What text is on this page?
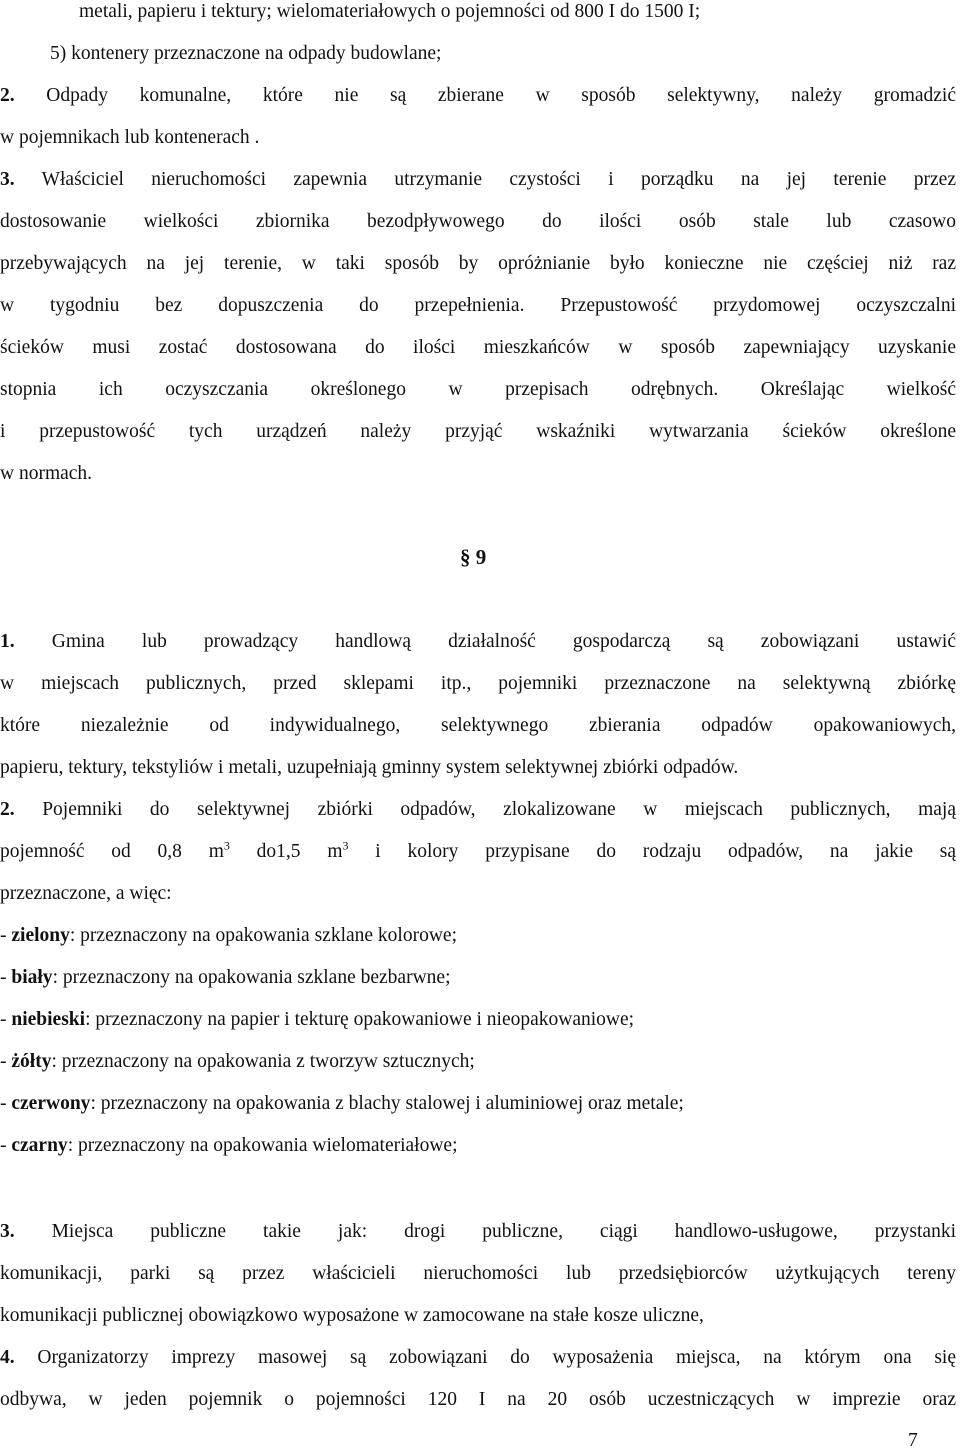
metali, papieru i tektury; wielomateriałowych o pojemności od 800 I do 1500 I;
5) kontenery przeznaczone na odpady budowlane;
2. Odpady komunalne, które nie są zbierane w sposób selektywny, należy gromadzić
w pojemnikach lub kontenerach .
3. Właściciel nieruchomości zapewnia utrzymanie czystości i porządku na jej terenie przez
dostosowanie wielkości zbiornika bezodpływowego do ilości osób stale lub czasowo
przebywających na jej terenie, w taki sposób by opróżnianie było konieczne nie częściej niż raz
w tygodniu bez dopuszczenia do przepełnienia. Przepustowość przydomowej oczyszczalni
ścieków musi zostać dostosowana do ilości mieszkańców w sposób zapewniający uzyskanie
stopnia ich oczyszczania określonego w przepisach odrębnych. Określając wielkość
i przepustowość tych urządzeń należy przyjąć wskaźniki wytwarzania ścieków określone
w normach.
§ 9
1. Gmina lub prowadzący handlową działalność gospodarczą są zobowiązani ustawić
w miejscach publicznych, przed sklepami itp., pojemniki przeznaczone na selektywną zbiórkę
które niezależnie od indywidualnego, selektywnego zbierania odpadów opakowaniowych,
papieru, tektury, tekstyliów i metali, uzupełniają gminny system selektywnej zbiórki odpadów.
2. Pojemniki do selektywnej zbiórki odpadów, zlokalizowane w miejscach publicznych, mają
pojemność od 0,8 $m^3$ do1,5 $m^3$ i kolory przypisane do rodzaju odpadów, na jakie są
przeznaczone, a więc:
- zielony: przeznaczony na opakowania szklane kolorowe;
- biały: przeznaczony na opakowania szklane bezbarwne;
- niebieski: przeznaczony na papier i tekturę opakowaniowe i nieopakowaniowe;
- żółty: przeznaczony na opakowania z tworzyw sztucznych;
- czerwony: przeznaczony na opakowania z blachy stalowej i aluminiowej oraz metale;
- czarny: przeznaczony na opakowania wielomateriałowe;
3. Miejsca publiczne takie jak: drogi publiczne, ciągi handlowo-usługowe, przystanki
komunikacji, parki są przez właścicieli nieruchomości lub przedsiębiorców użytkujących tereny
komunikacji publicznej obowiązkowo wyposażone w zamocowane na stałe kosze uliczne,
4. Organizatorzy imprezy masowej są zobowiązani do wyposażenia miejsca, na którym ona się
odbywa, w jeden pojemnik o pojemności 120 I na 20 osób uczestniczących w imprezie oraz
7
